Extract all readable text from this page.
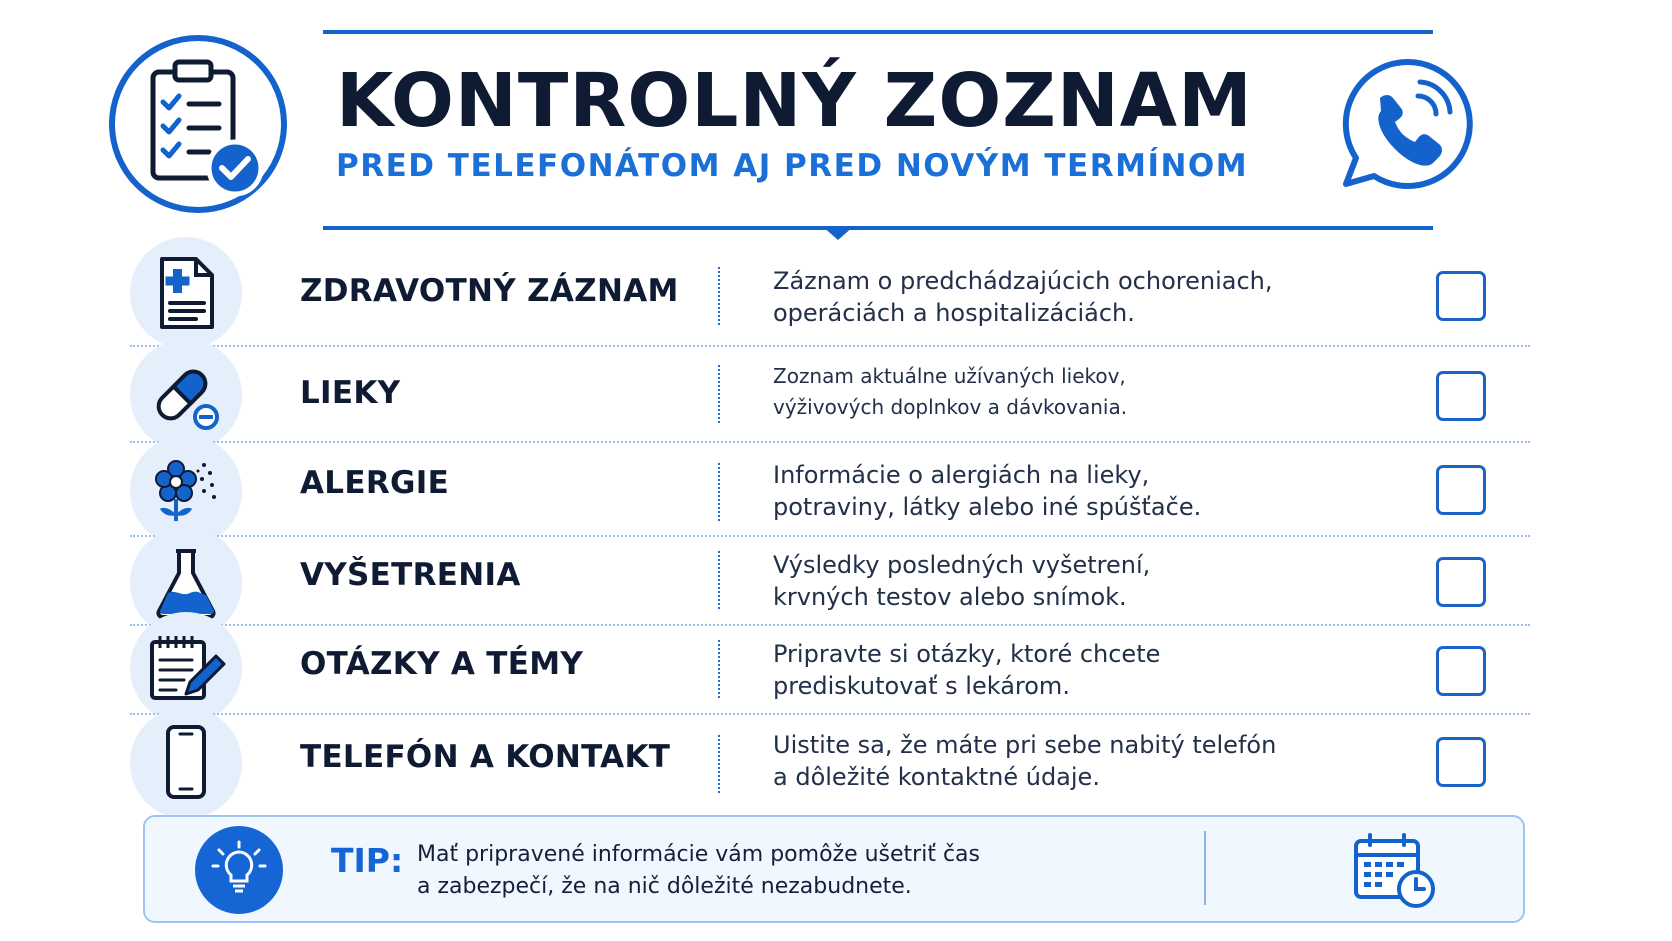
KONTROLNÝ ZOZNAM
PRED TELEFONÁTOM AJ PRED NOVÝM TERMÍNOM
ZDRAVOTNÝ ZÁZNAM	Záznam o predchádzajúcich ochoreniach,
operáciách a hospitalizáciách.

LIEKY	Zoznam aktuálne užívaných liekov,
výživových doplnkov a dávkovania.

ALERGIE	Informácie o alergiách na lieky,
potraviny, látky alebo iné spúšťače.

VYŠETRENIA	Výsledky posledných vyšetrení,
krvných testov alebo snímok.

OTÁZKY A TÉMY	Pripravte si otázky, ktoré chcete
prediskutovať s lekárom.

TELEFÓN A KONTAKT	Uistite sa, že máte pri sebe nabitý telefón
a dôležité kontaktné údaje.

TIP: Mať pripravené informácie vám pomôže ušetriť čas
a zabezpečí, že na nič dôležité nezabudnete.
